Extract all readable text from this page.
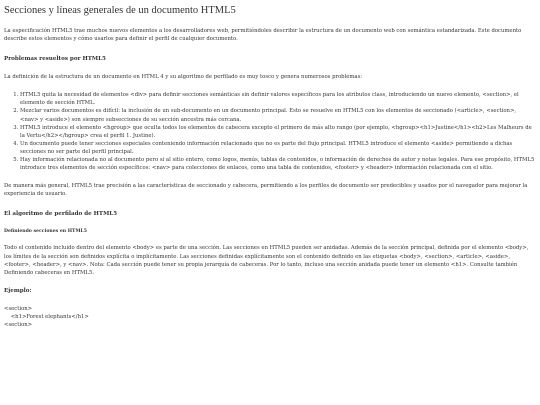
Secciones y líneas generales de un documento HTML5

La especificación HTML5 trae muchos nuevos elementos a los desarrolladores web, permitiéndoles describir la estructura de un documento web con semántica estandarizada. Este documento describe estos elementos y cómo usarlos para definir el perfil de cualquier documento.

Problemas resueltos por HTML5

La definición de la estructura de un documento en HTML 4 y su algoritmo de perfilado es muy tosco y genera numerosos problemas:

1. HTML5 quita la necesidad de elementos <div> para definir secciones semánticas sin definir valores específicos para los atributos class, introduciendo un nuevo elemento, <section>, el elemento de sección HTML.
2. Mezclar varios documentos es difícil: la inclusión de un sub-documento en un documento principal. Esto se resuelve en HTML5 con los elementos de seccionado (<article>, <section>, <nav> y <aside>) son siempre subsecciones de su sección ancestra más cercana.
3. HTML5 introduce el elemento <hgroup> que oculta todos los elementos de cabecera excepto el primero de más alto rango (por ejemplo, <hgroup><h1>Justine</h1><h2>Les Malheurs de la Vertu</h2></hgroup> crea el perfil 1. Justine).
4. Un documento puede tener secciones especiales conteniendo información relacionado que no es parte del flujo principal. HTML5 introduce el elemento <aside> permitiendo a dichas secciones no ser parte del perfil principal.
5. Hay información relacionada no al documento pero si al sitio entero, como logos, menús, tablas de contenidos, o información de derechos de autor y notas legales. Para ese propósito, HTML5 introduce tres elementos de sección específicos: <nav> para colecciones de enlaces, como una tabla de contenidos, <footer> y <header> información relacionada con el sitio.

De manera más general, HTML5 trae precisión a las características de seccionado y cabecera, permitiendo a los perfiles de documento ser predecibles y usados por el navegador para mejorar la experiencia de usuario.

El algoritmo de perfilado de HTML5
Definiendo secciones en HTML5

Todo el contenido incluido dentro del elemento <body> es parte de una sección. Las secciones en HTML5 pueden ser anidadas. Además de la sección principal, definida por el elemento <body>, los límites de la sección son definidos explícita o implícitamente. Las secciones definidas explícitamente son el contenido definido en las etiquetas <body>, <section>, <article>, <aside>, <footer>, <header>, y <nav>. Nota: Cada sección puede tener su propia jerarquía de cabeceras. Por lo tanto, incluso una sección anidada puede tener un elemento <h1>. Consulte también Definiendo cabeceras en HTML5.

Ejemplo:
<section>
<h1>Forest elephants</h1>
<section>
